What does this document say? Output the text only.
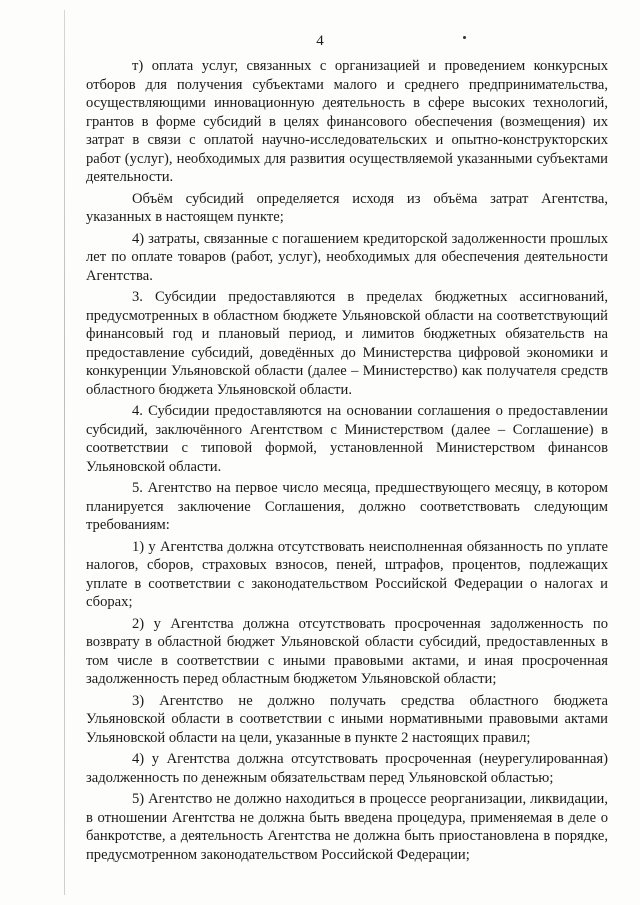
4

т) оплата услуг, связанных с организацией и проведением конкурсных отборов для получения субъектами малого и среднего предпринимательства, осуществляющими инновационную деятельность в сфере высоких технологий, грантов в форме субсидий в целях финансового обеспечения (возмещения) их затрат в связи с оплатой научно-исследовательских и опытно-конструкторских работ (услуг), необходимых для развития осуществляемой указанными субъектами деятельности.

Объём субсидий определяется исходя из объёма затрат Агентства, указанных в настоящем пункте;

4) затраты, связанные с погашением кредиторской задолженности прошлых лет по оплате товаров (работ, услуг), необходимых для обеспечения деятельности Агентства.

3. Субсидии предоставляются в пределах бюджетных ассигнований, предусмотренных в областном бюджете Ульяновской области на соответствующий финансовый год и плановый период, и лимитов бюджетных обязательств на предоставление субсидий, доведённых до Министерства цифровой экономики и конкуренции Ульяновской области (далее – Министерство) как получателя средств областного бюджета Ульяновской области.

4. Субсидии предоставляются на основании соглашения о предоставлении субсидий, заключённого Агентством с Министерством (далее – Соглашение) в соответствии с типовой формой, установленной Министерством финансов Ульяновской области.

5. Агентство на первое число месяца, предшествующего месяцу, в котором планируется заключение Соглашения, должно соответствовать следующим требованиям:

1) у Агентства должна отсутствовать неисполненная обязанность по уплате налогов, сборов, страховых взносов, пеней, штрафов, процентов, подлежащих уплате в соответствии с законодательством Российской Федерации о налогах и сборах;

2) у Агентства должна отсутствовать просроченная задолженность по возврату в областной бюджет Ульяновской области субсидий, предоставленных в том числе в соответствии с иными правовыми актами, и иная просроченная задолженность перед областным бюджетом Ульяновской области;

3) Агентство не должно получать средства областного бюджета Ульяновской области в соответствии с иными нормативными правовыми актами Ульяновской области на цели, указанные в пункте 2 настоящих правил;

4) у Агентства должна отсутствовать просроченная (неурегулированная) задолженность по денежным обязательствам перед Ульяновской областью;

5) Агентство не должно находиться в процессе реорганизации, ликвидации, в отношении Агентства не должна быть введена процедура, применяемая в деле о банкротстве, а деятельность Агентства не должна быть приостановлена в порядке, предусмотренном законодательством Российской Федерации;
